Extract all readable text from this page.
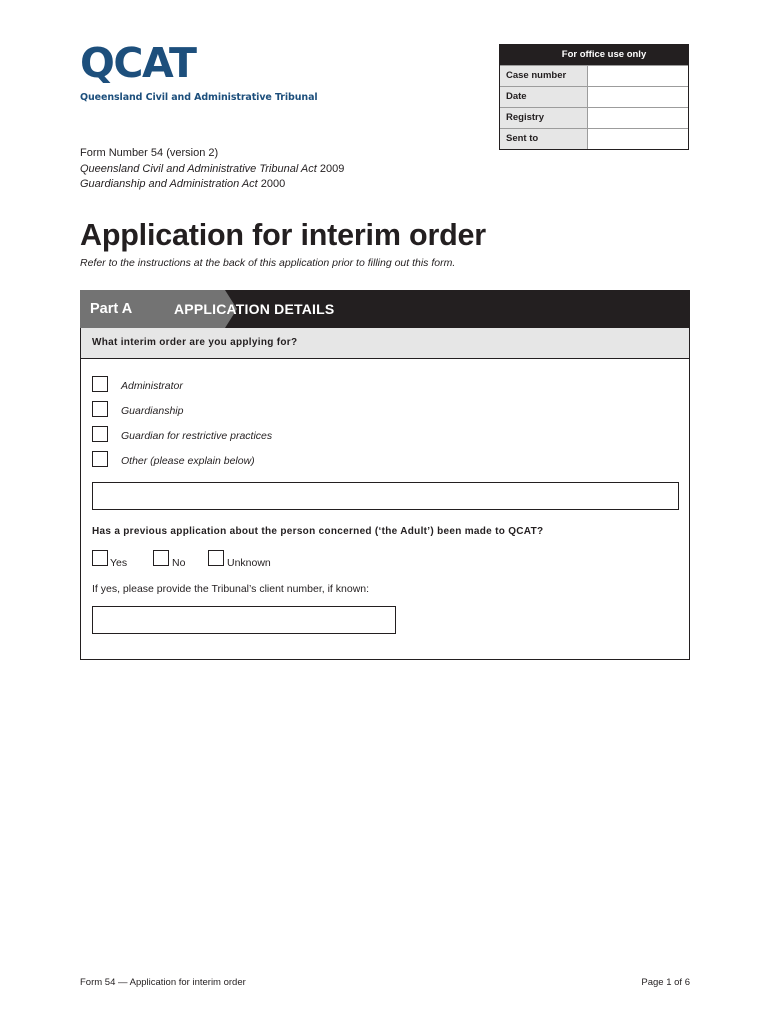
QCAT
Queensland Civil and Administrative Tribunal
For office use only
Case number
Date
Registry
Sent to
Form Number 54 (version 2)
Queensland Civil and Administrative Tribunal Act 2009
Guardianship and Administration Act 2000
Application for interim order
Refer to the instructions at the back of this application prior to filling out this form.
Part A	APPLICATION DETAILS
What interim order are you applying for?
Administrator
Guardianship
Guardian for restrictive practices
Other (please explain below)
Has a previous application about the person concerned (‘the Adult’) been made to QCAT?
Yes	No	Unknown
If yes, please provide the Tribunal’s client number, if known:
Form 54 — Application for interim order	Page 1 of 6
